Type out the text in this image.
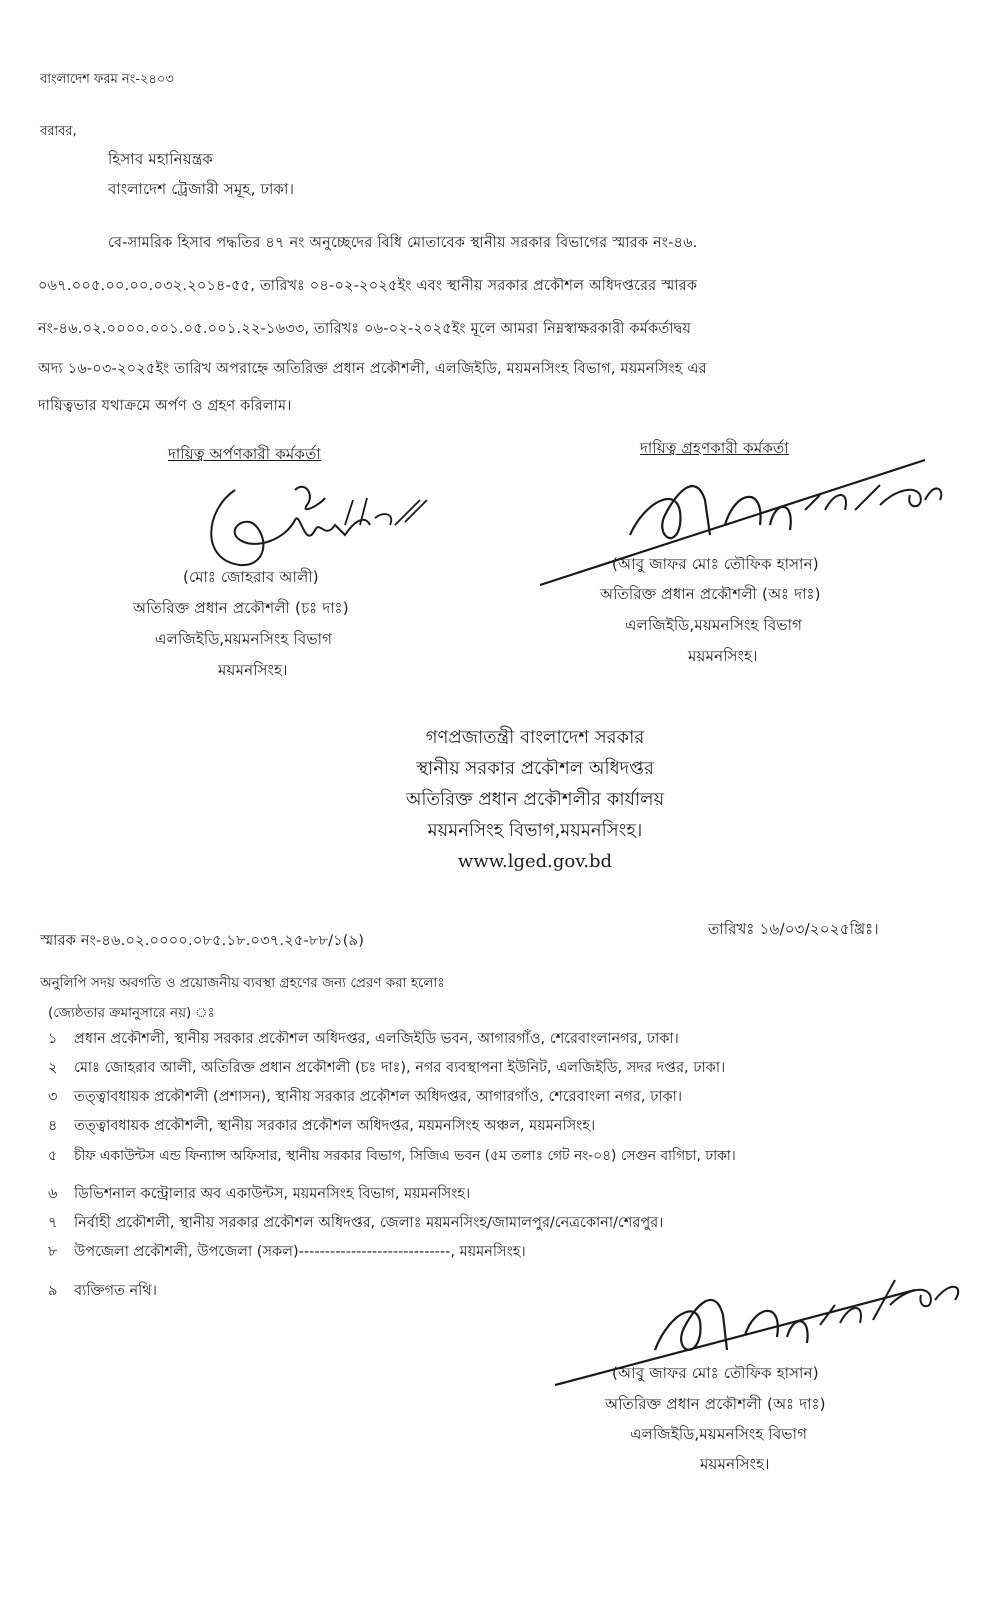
বাংলাদেশ ফরম নং-২৪০৩
বরাবর,
হিসাব মহানিয়ন্ত্রক
বাংলাদেশ ট্রেজারী সমূহ, ঢাকা।
বে-সামরিক হিসাব পদ্ধতির ৪৭ নং অনুচ্ছেদের বিধি মোতাবেক স্থানীয় সরকার বিভাগের স্মারক নং-৪৬.
০৬৭.০০৫.০০.০০.০৩২.২০১৪-৫৫, তারিখঃ ০৪-০২-২০২৫ইং এবং স্থানীয় সরকার প্রকৌশল অধিদপ্তরের স্মারক
নং-৪৬.০২.০০০০.০০১.০৫.০০১.২২-১৬৩৩, তারিখঃ ০৬-০২-২০২৫ইং মূলে আমরা নিম্নস্বাক্ষরকারী কর্মকর্তাদ্বয়
অদ্য ১৬-০৩-২০২৫ইং তারিখ অপরাহ্নে অতিরিক্ত প্রধান প্রকৌশলী, এলজিইডি, ময়মনসিংহ বিভাগ, ময়মনসিংহ এর
দায়িত্বভার যথাক্রমে অর্পণ ও গ্রহণ করিলাম।
দায়িত্ব অর্পণকারী কর্মকর্তা
(মোঃ জোহরাব আলী)
অতিরিক্ত প্রধান প্রকৌশলী (চঃ দাঃ)
এলজিইডি,ময়মনসিংহ বিভাগ
ময়মনসিংহ।
দায়িত্ব গ্রহণকারী কর্মকর্তা
(আবু জাফর মোঃ তৌফিক হাসান)
অতিরিক্ত প্রধান প্রকৌশলী (অঃ দাঃ)
এলজিইডি,ময়মনসিংহ বিভাগ
ময়মনসিংহ।
গণপ্রজাতন্ত্রী বাংলাদেশ সরকার
স্থানীয় সরকার প্রকৌশল অধিদপ্তর
অতিরিক্ত প্রধান প্রকৌশলীর কার্যালয়
ময়মনসিংহ বিভাগ,ময়মনসিংহ।
www.lged.gov.bd
স্মারক নং-৪৬.০২.০০০০.০৮৫.১৮.০৩৭.২৫-৮৮/১(৯)
তারিখঃ ১৬/০৩/২০২৫খ্রিঃ।
অনুলিপি সদয় অবগতি ও প্রয়োজনীয় ব্যবস্থা গ্রহণের জন্য প্রেরণ করা হলোঃ
(জ্যেষ্ঠতার ক্রমানুসারে নয়) ঃ
১ প্রধান প্রকৌশলী, স্থানীয় সরকার প্রকৌশল অধিদপ্তর, এলজিইডি ভবন, আগারগাঁও, শেরেবাংলানগর, ঢাকা।
২ মোঃ জোহরাব আলী, অতিরিক্ত প্রধান প্রকৌশলী (চঃ দাঃ), নগর ব্যবস্থাপনা ইউনিট, এলজিইডি, সদর দপ্তর, ঢাকা।
৩ তত্ত্বাবধায়ক প্রকৌশলী (প্রশাসন), স্থানীয় সরকার প্রকৌশল অধিদপ্তর, আগারগাঁও, শেরেবাংলা নগর, ঢাকা।
৪ তত্ত্বাবধায়ক প্রকৌশলী, স্থানীয় সরকার প্রকৌশল অধিদপ্তর, ময়মনসিংহ অঞ্চল, ময়মনসিংহ।
৫ চীফ একাউন্টস এন্ড ফিন্যান্স অফিসার, স্থানীয় সরকার বিভাগ, সিজিএ ভবন (৫ম তলাঃ গেট নং-০৪) সেগুন বাগিচা, ঢাকা।
৬ ডিভিশনাল কন্ট্রোলার অব একাউন্টস, ময়মনসিংহ বিভাগ, ময়মনসিংহ।
৭ নির্বাহী প্রকৌশলী, স্থানীয় সরকার প্রকৌশল অধিদপ্তর, জেলাঃ ময়মনসিংহ/জামালপুর/নেত্রকোনা/শেরপুর।
৮ উপজেলা প্রকৌশলী, উপজেলা (সকল)-----------------------------, ময়মনসিংহ।
৯ ব্যক্তিগত নথি।
(আবু জাফর মোঃ তৌফিক হাসান)
অতিরিক্ত প্রধান প্রকৌশলী (অঃ দাঃ)
এলজিইডি,ময়মনসিংহ বিভাগ
ময়মনসিংহ।
